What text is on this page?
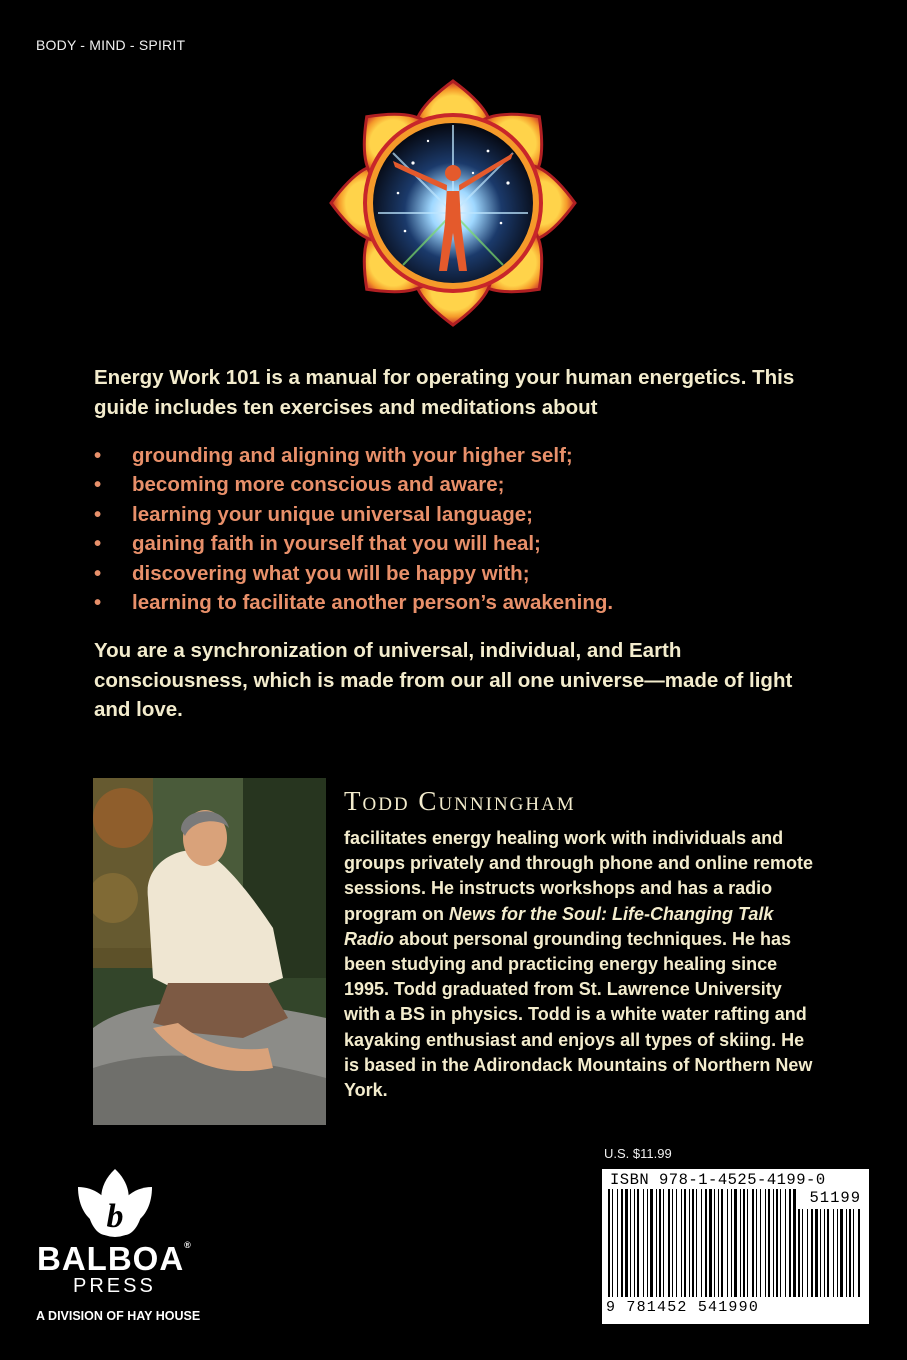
BODY - MIND - SPIRIT
Energy Work 101 is a manual for operating your human energetics. This guide includes ten exercises and meditations about
• grounding and aligning with your higher self;
• becoming more conscious and aware;
• learning your unique universal language;
• gaining faith in yourself that you will heal;
• discovering what you will be happy with;
• learning to facilitate another person’s awakening.
You are a synchronization of universal, individual, and Earth consciousness, which is made from our all one universe—made of light and love.
Todd Cunningham
facilitates energy healing work with individuals and groups privately and through phone and online remote sessions. He instructs workshops and has a radio program on News for the Soul: Life-Changing Talk Radio about personal grounding techniques. He has been studying and practicing energy healing since 1995. Todd graduated from St. Lawrence University with a BS in physics. Todd is a white water rafting and kayaking enthusiast and enjoys all types of skiing. He is based in the Adirondack Mountains of Northern New York.
U.S. $11.99
ISBN 978-1-4525-4199-0
51199
9 781452 541990
b
BALBOA®
PRESS
A DIVISION OF HAY HOUSE
